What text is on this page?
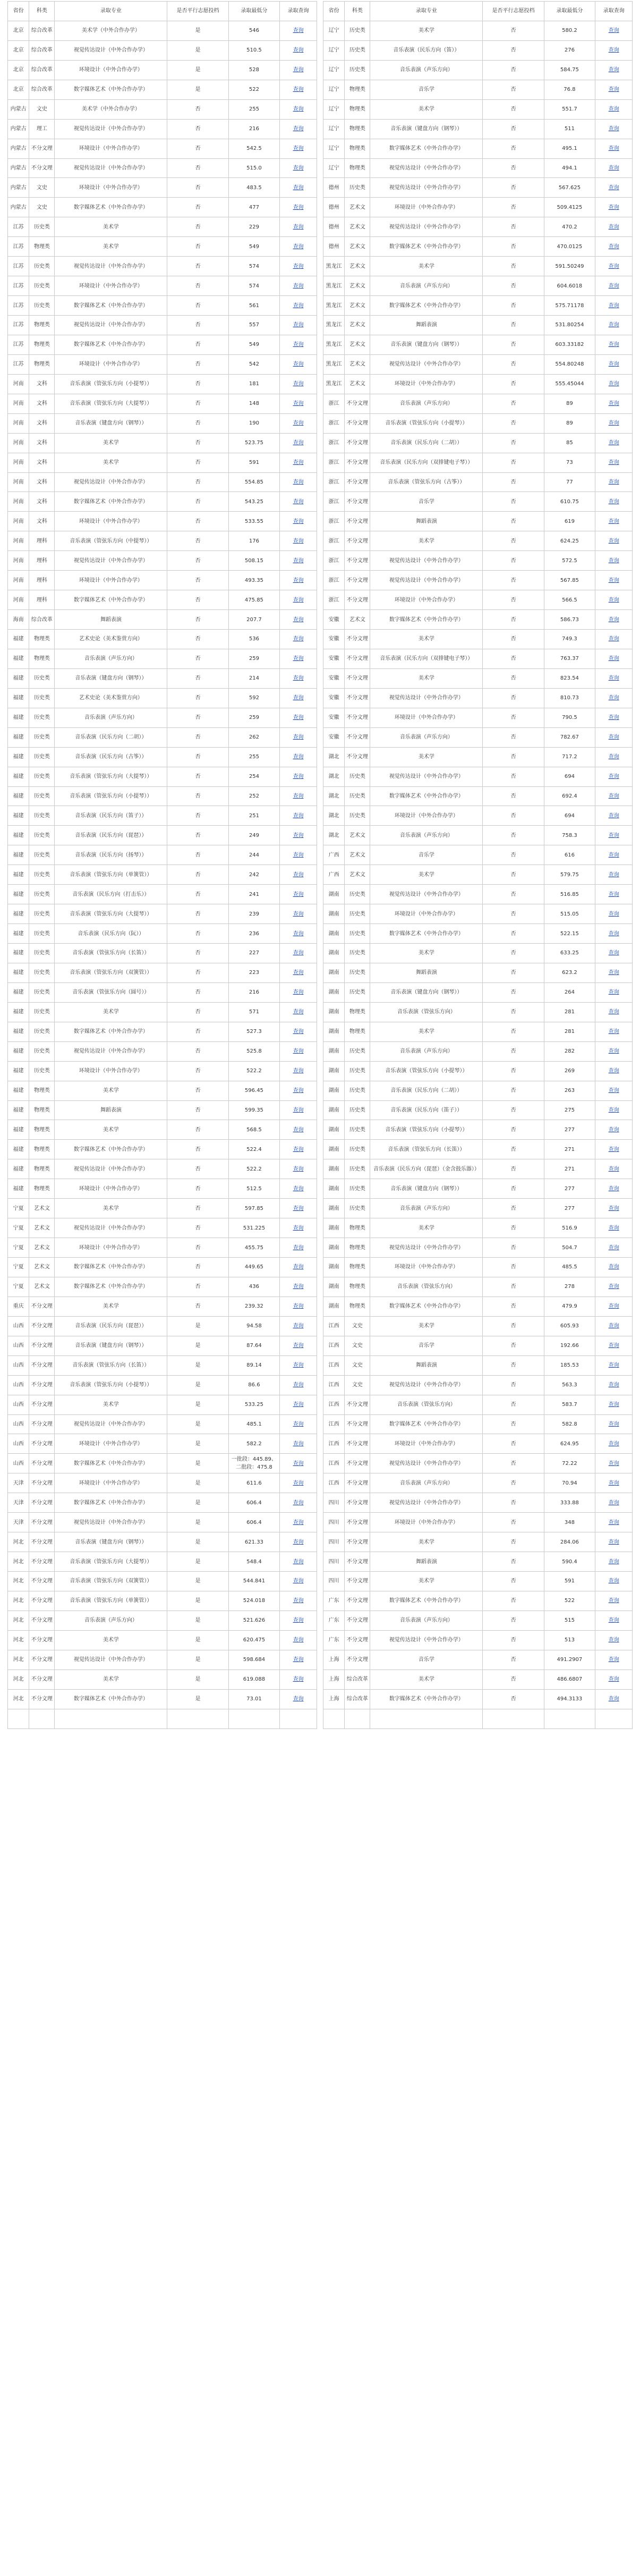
省份	科类	录取专业	是否平行志愿投档	录取最低分	录取查询		省份	科类	录取专业	是否平行志愿投档	录取最低分	录取查询
北京	综合改革	美术学（中外合作办学）	是	546	查询		辽宁	历史类	美术学	否	580.2	查询
北京	综合改革	视觉传达设计（中外合作办学）	是	510.5	查询		辽宁	历史类	音乐表演（民乐方向（笛））	否	276	查询
北京	综合改革	环境设计（中外合作办学）	是	528	查询		辽宁	历史类	音乐表演（声乐方向）	否	584.75	查询
北京	综合改革	数字媒体艺术（中外合作办学）	是	522	查询		辽宁	物理类	音乐学	否	76.8	查询
内蒙古	文史	美术学（中外合作办学）	否	255	查询		辽宁	物理类	美术学	否	551.7	查询
内蒙古	理工	视觉传达设计（中外合作办学）	否	216	查询		辽宁	物理类	音乐表演（键盘方向（钢琴））	否	511	查询
内蒙古	不分文理	环境设计（中外合作办学）	否	542.5	查询		辽宁	物理类	数字媒体艺术（中外合作办学）	否	495.1	查询
内蒙古	不分文理	视觉传达设计（中外合作办学）	否	515.0	查询		辽宁	物理类	视觉传达设计（中外合作办学）	否	494.1	查询
内蒙古	文史	环境设计（中外合作办学）	否	483.5	查询		德州	历史类	视觉传达设计（中外合作办学）	否	567.625	查询
内蒙古	文史	数字媒体艺术（中外合作办学）	否	477	查询		德州	艺术文	环境设计（中外合作办学）	否	509.4125	查询
江苏	历史类	美术学	否	229	查询		德州	艺术文	视觉传达设计（中外合作办学）	否	470.2	查询
江苏	物理类	美术学	否	549	查询		德州	艺术文	数字媒体艺术（中外合作办学）	否	470.0125	查询
江苏	历史类	视觉传达设计（中外合作办学）	否	574	查询		黑龙江	艺术文	美术学	否	591.50249	查询
江苏	历史类	环境设计（中外合作办学）	否	574	查询		黑龙江	艺术文	音乐表演（声乐方向）	否	604.6018	查询
江苏	历史类	数字媒体艺术（中外合作办学）	否	561	查询		黑龙江	艺术文	数字媒体艺术（中外合作办学）	否	575.71178	查询
江苏	物理类	视觉传达设计（中外合作办学）	否	557	查询		黑龙江	艺术文	舞蹈表演	否	531.80254	查询
江苏	物理类	数字媒体艺术（中外合作办学）	否	549	查询		黑龙江	艺术文	音乐表演（键盘方向（钢琴））	否	603.33182	查询
江苏	物理类	环境设计（中外合作办学）	否	542	查询		黑龙江	艺术文	视觉传达设计（中外合作办学）	否	554.80248	查询
河南	文科	音乐表演（管弦乐方向（小提琴））	否	181	查询		黑龙江	艺术文	环境设计（中外合作办学）	否	555.45044	查询
河南	文科	音乐表演（管弦乐方向（大提琴））	否	148	查询		浙江	不分文理	音乐表演（声乐方向）	否	89	查询
河南	文科	音乐表演（键盘方向（钢琴））	否	190	查询		浙江	不分文理	音乐表演（管弦乐方向（小提琴））	否	89	查询
河南	文科	美术学	否	523.75	查询		浙江	不分文理	音乐表演（民乐方向（二胡））	否	85	查询
河南	文科	美术学	否	591	查询		浙江	不分文理	音乐表演（民乐方向（双排键电子琴））	否	73	查询
河南	文科	视觉传达设计（中外合作办学）	否	554.85	查询		浙江	不分文理	音乐表演（管弦乐方向（古筝））	否	77	查询
河南	文科	数字媒体艺术（中外合作办学）	否	543.25	查询		浙江	不分文理	音乐学	否	610.75	查询
河南	文科	环境设计（中外合作办学）	否	533.55	查询		浙江	不分文理	舞蹈表演	否	619	查询
河南	理科	音乐表演（管弦乐方向（中提琴））	否	176	查询		浙江	不分文理	美术学	否	624.25	查询
河南	理科	视觉传达设计（中外合作办学）	否	508.15	查询		浙江	不分文理	视觉传达设计（中外合作办学）	否	572.5	查询
河南	理科	环境设计（中外合作办学）	否	493.35	查询		浙江	不分文理	视觉传达设计（中外合作办学）	否	567.85	查询
河南	理科	数字媒体艺术（中外合作办学）	否	475.85	查询		浙江	不分文理	环境设计（中外合作办学）	否	566.5	查询
海南	综合改革	舞蹈表演	否	207.7	查询		安徽	艺术文	数字媒体艺术（中外合作办学）	否	586.73	查询
福建	物理类	艺术史论（美术鉴赏方向）	否	536	查询		安徽	不分文理	美术学	否	749.3	查询
福建	物理类	音乐表演（声乐方向）	否	259	查询		安徽	不分文理	音乐表演（民乐方向（双排键电子琴））	否	763.37	查询
福建	历史类	音乐表演（键盘方向（钢琴））	否	214	查询		安徽	不分文理	美术学	否	823.54	查询
福建	历史类	艺术史论（美术鉴赏方向）	否	592	查询		安徽	不分文理	视觉传达设计（中外合作办学）	否	810.73	查询
福建	历史类	音乐表演（声乐方向）	否	259	查询		安徽	不分文理	环境设计（中外合作办学）	否	790.5	查询
福建	历史类	音乐表演（民乐方向（二胡））	否	262	查询		安徽	不分文理	音乐表演（声乐方向）	否	782.67	查询
福建	历史类	音乐表演（民乐方向（古筝））	否	255	查询		湖北	不分文理	美术学	否	717.2	查询
福建	历史类	音乐表演（管弦乐方向（大提琴））	否	254	查询		湖北	历史类	视觉传达设计（中外合作办学）	否	694	查询
福建	历史类	音乐表演（管弦乐方向（小提琴））	否	252	查询		湖北	历史类	数字媒体艺术（中外合作办学）	否	692.4	查询
福建	历史类	音乐表演（民乐方向（笛子））	否	251	查询		湖北	历史类	环境设计（中外合作办学）	否	694	查询
福建	历史类	音乐表演（民乐方向（琵琶））	否	249	查询		湖北	艺术文	音乐表演（声乐方向）	否	758.3	查询
福建	历史类	音乐表演（民乐方向（扬琴））	否	244	查询		广西	艺术文	音乐学	否	616	查询
福建	历史类	音乐表演（管弦乐方向（单簧管））	否	242	查询		广西	艺术文	美术学	否	579.75	查询
福建	历史类	音乐表演（民乐方向（打击乐））	否	241	查询		湖南	历史类	视觉传达设计（中外合作办学）	否	516.85	查询
福建	历史类	音乐表演（管弦乐方向（大提琴））	否	239	查询		湖南	历史类	环境设计（中外合作办学）	否	515.05	查询
福建	历史类	音乐表演（民乐方向（阮））	否	236	查询		湖南	历史类	数字媒体艺术（中外合作办学）	否	522.15	查询
福建	历史类	音乐表演（管弦乐方向（长笛））	否	227	查询		湖南	历史类	美术学	否	633.25	查询
福建	历史类	音乐表演（管弦乐方向（双簧管））	否	223	查询		湖南	历史类	舞蹈表演	否	623.2	查询
福建	历史类	音乐表演（管弦乐方向（圆号））	否	216	查询		湖南	历史类	音乐表演（键盘方向（钢琴））	否	264	查询
福建	历史类	美术学	否	571	查询		湖南	物理类	音乐表演（管弦乐方向）	否	281	查询
福建	历史类	数字媒体艺术（中外合作办学）	否	527.3	查询		湖南	物理类	美术学	否	281	查询
福建	历史类	视觉传达设计（中外合作办学）	否	525.8	查询		湖南	历史类	音乐表演（声乐方向）	否	282	查询
福建	历史类	环境设计（中外合作办学）	否	522.2	查询		湖南	历史类	音乐表演（管弦乐方向（小提琴））	否	269	查询
福建	物理类	美术学	否	596.45	查询		湖南	历史类	音乐表演（民乐方向（二胡））	否	263	查询
福建	物理类	舞蹈表演	否	599.35	查询		湖南	历史类	音乐表演（民乐方向（笛子））	否	275	查询
福建	物理类	美术学	否	568.5	查询		湖南	历史类	音乐表演（管弦乐方向（小提琴））	否	277	查询
福建	物理类	数字媒体艺术（中外合作办学）	否	522.4	查询		湖南	历史类	音乐表演（管弦乐方向（长笛））	否	271	查询
福建	物理类	视觉传达设计（中外合作办学）	否	522.2	查询		湖南	历史类	音乐表演（民乐方向（琵琶）（金含鼓乐器））	否	271	查询
福建	物理类	环境设计（中外合作办学）	否	512.5	查询		湖南	历史类	音乐表演（键盘方向（钢琴））	否	277	查询
宁夏	艺术文	美术学	否	597.85	查询		湖南	历史类	音乐表演（声乐方向）	否	277	查询
宁夏	艺术文	视觉传达设计（中外合作办学）	否	531.225	查询		湖南	物理类	美术学	否	516.9	查询
宁夏	艺术文	环境设计（中外合作办学）	否	455.75	查询		湖南	物理类	视觉传达设计（中外合作办学）	否	504.7	查询
宁夏	艺术文	数字媒体艺术（中外合作办学）	否	449.65	查询		湖南	物理类	环境设计（中外合作办学）	否	485.5	查询
宁夏	艺术文	数字媒体艺术（中外合作办学）	否	436	查询		湖南	物理类	音乐表演（管弦乐方向）	否	278	查询
重庆	不分文理	美术学	否	239.32	查询		湖南	物理类	数字媒体艺术（中外合作办学）	否	479.9	查询
山西	不分文理	音乐表演（民乐方向（琵琶））	是	94.58	查询		江西	文史	美术学	否	605.93	查询
山西	不分文理	音乐表演（键盘方向（钢琴））	是	87.64	查询		江西	文史	音乐学	否	192.66	查询
山西	不分文理	音乐表演（管弦乐方向（长笛））	是	89.14	查询		江西	文史	舞蹈表演	否	185.53	查询
山西	不分文理	音乐表演（管弦乐方向（小提琴））	是	86.6	查询		江西	文史	视觉传达设计（中外合作办学）	否	563.3	查询
山西	不分文理	美术学	是	533.25	查询		江西	不分文理	音乐表演（管弦乐方向）	否	583.7	查询
山西	不分文理	视觉传达设计（中外合作办学）	是	485.1	查询		江西	不分文理	数字媒体艺术（中外合作办学）	否	582.8	查询
山西	不分文理	环境设计（中外合作办学）	是	582.2	查询		江西	不分文理	环境设计（中外合作办学）	否	624.95	查询
山西	不分文理	数字媒体艺术（中外合作办学）	是	一批段：445.89、二批段：475.8	查询		江西	不分文理	视觉传达设计（中外合作办学）	否	72.22	查询
天津	不分文理	环境设计（中外合作办学）	是	611.6	查询		江西	不分文理	音乐表演（声乐方向）	否	70.94	查询
天津	不分文理	数字媒体艺术（中外合作办学）	是	606.4	查询		四川	不分文理	视觉传达设计（中外合作办学）	否	333.88	查询
天津	不分文理	视觉传达设计（中外合作办学）	是	606.4	查询		四川	不分文理	环境设计（中外合作办学）	否	348	查询
河北	不分文理	音乐表演（键盘方向（钢琴））	是	621.33	查询		四川	不分文理	美术学	否	284.06	查询
河北	不分文理	音乐表演（管弦乐方向（大提琴））	是	548.4	查询		四川	不分文理	舞蹈表演	否	590.4	查询
河北	不分文理	音乐表演（管弦乐方向（双簧管））	是	544.841	查询		四川	不分文理	美术学	否	591	查询
河北	不分文理	音乐表演（管弦乐方向（单簧管））	是	524.018	查询		广东	不分文理	数字媒体艺术（中外合作办学）	否	522	查询
河北	不分文理	音乐表演（声乐方向）	是	521.626	查询		广东	不分文理	音乐表演（声乐方向）	否	515	查询
河北	不分文理	美术学	是	620.475	查询		广东	不分文理	视觉传达设计（中外合作办学）	否	513	查询
河北	不分文理	视觉传达设计（中外合作办学）	是	598.684	查询		上海	不分文理	音乐学	否	491.2907	查询
河北	不分文理	美术学	是	619.088	查询		上海	综合改革	美术学	否	486.6807	查询
河北	不分文理	数字媒体艺术（中外合作办学）	是	73.01	查询		上海	综合改革	数字媒体艺术（中外合作办学）	否	494.3133	查询
